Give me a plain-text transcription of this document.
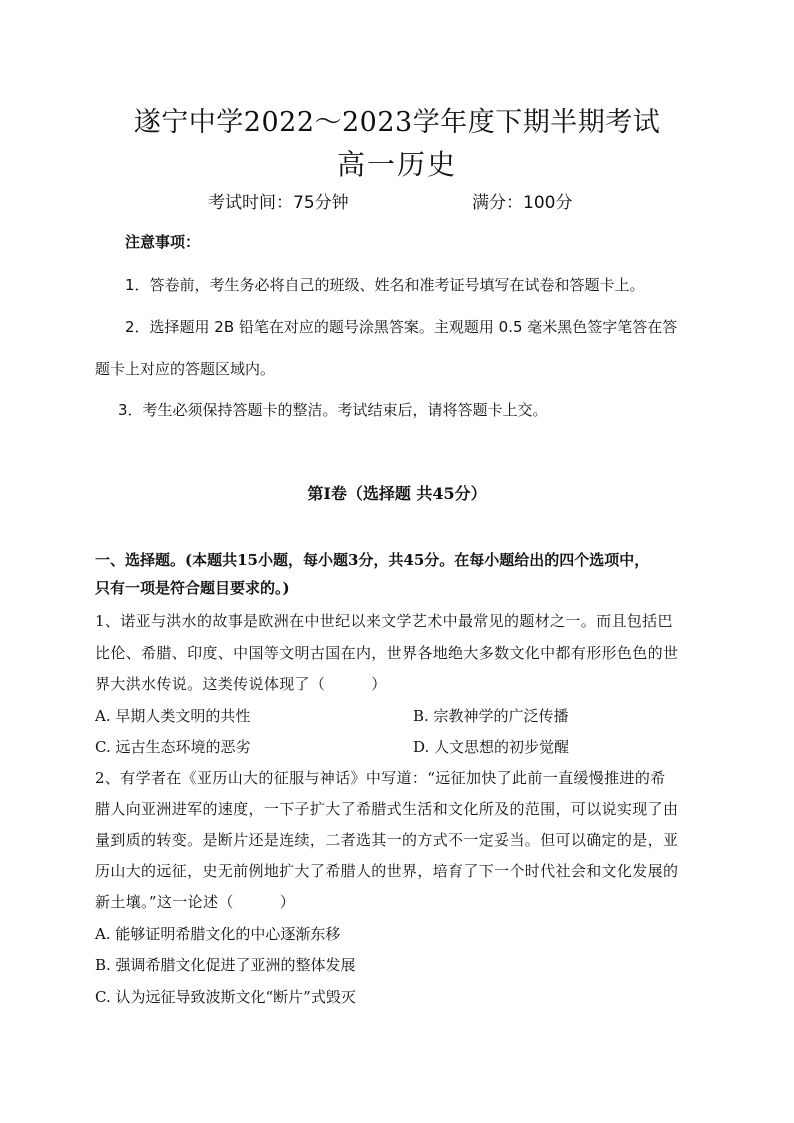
遂宁中学2022～2023学年度下期半期考试
高一历史
考试时间：75分钟	满分：100分
注意事项：
1．答卷前，考生务必将自己的班级、姓名和准考证号填写在试卷和答题卡上。
2．选择题用 2B 铅笔在对应的题号涂黑答案。主观题用 0.5 毫米黑色签字笔答在答
题卡上对应的答题区域内。
3．考生必须保持答题卡的整洁。考试结束后，请将答题卡上交。
第Ⅰ卷（选择题 共45分）
一、选择题。(本题共15小题，每小题3分，共45分。在每小题给出的四个选项中，
只有一项是符合题目要求的。)
1、诺亚与洪水的故事是欧洲在中世纪以来文学艺术中最常见的题材之一。而且包括巴
比伦、希腊、印度、中国等文明古国在内，世界各地绝大多数文化中都有形形色色的世
界大洪水传说。这类传说体现了（　　　）
A. 早期人类文明的共性	B. 宗教神学的广泛传播
C. 远古生态环境的恶劣	D. 人文思想的初步觉醒
2、有学者在《亚历山大的征服与神话》中写道：“远征加快了此前一直缓慢推进的希
腊人向亚洲进军的速度，一下子扩大了希腊式生活和文化所及的范围，可以说实现了由
量到质的转变。是断片还是连续，二者选其一的方式不一定妥当。但可以确定的是，亚
历山大的远征，史无前例地扩大了希腊人的世界，培育了下一个时代社会和文化发展的
新土壤。”这一论述（　　　）
A. 能够证明希腊文化的中心逐渐东移
B. 强调希腊文化促进了亚洲的整体发展
C. 认为远征导致波斯文化“断片”式毁灭
